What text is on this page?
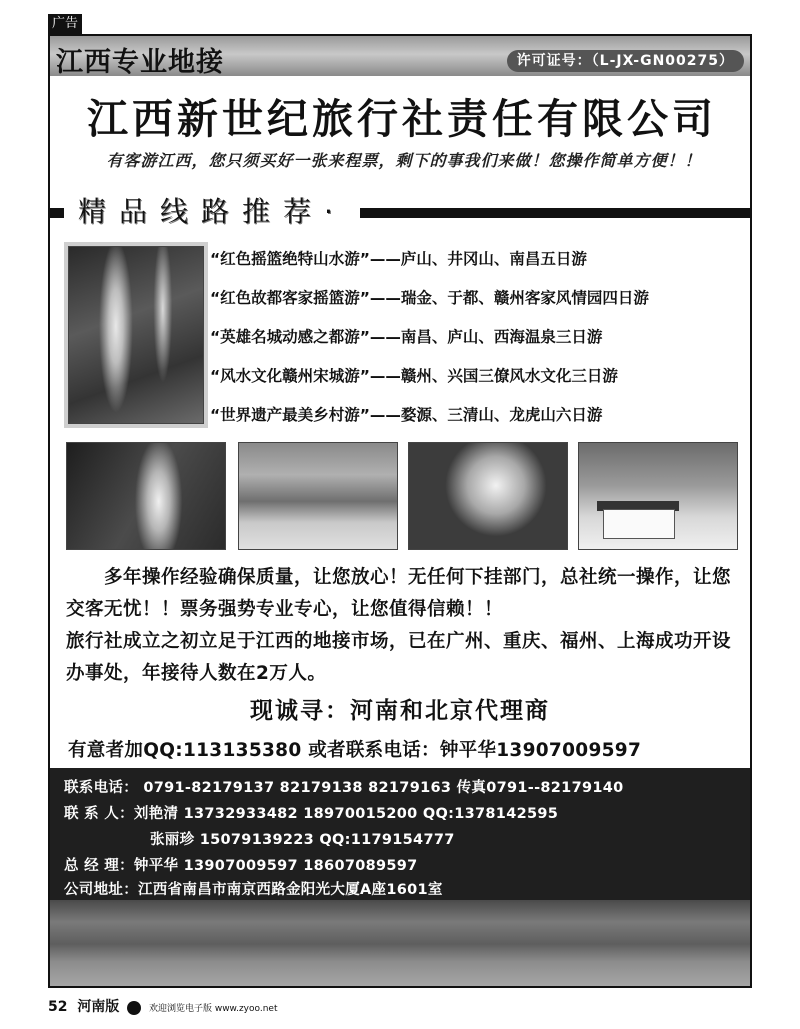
广告
江西专业地接	许可证号：（L-JX-GN00275）
江西新世纪旅行社责任有限公司
有客游江西，您只须买好一张来程票，剩下的事我们来做！您操作简单方便！！
精品线路推荐·
“红色摇篮绝特山水游”——庐山、井冈山、南昌五日游
“红色故都客家摇篮游”——瑞金、于都、赣州客家风情园四日游
“英雄名城动感之都游”——南昌、庐山、西海温泉三日游
“风水文化赣州宋城游”——赣州、兴国三僚风水文化三日游
“世界遗产最美乡村游”——婺源、三清山、龙虎山六日游

多年操作经验确保质量，让您放心！无任何下挂部门，总社统一操作，让您交客无忧！！票务强势专业专心，让您值得信赖！！

旅行社成立之初立足于江西的地接市场，已在广州、重庆、福州、上海成功开设办事处，年接待人数在2万人。

现诚寻：河南和北京代理商
有意者加QQ:113135380 或者联系电话：钟平华13907009597
联系电话： 0791-82179137 82179138 82179163 传真0791--82179140
联 系 人：刘艳清 13732933482 18970015200 QQ:1378142595
张丽珍 15079139223 QQ:1179154777
总 经 理：钟平华 13907009597 18607089597
公司地址：江西省南昌市南京西路金阳光大厦A座1601室
52 河南版	欢迎浏览电子版 www.zyoo.net
